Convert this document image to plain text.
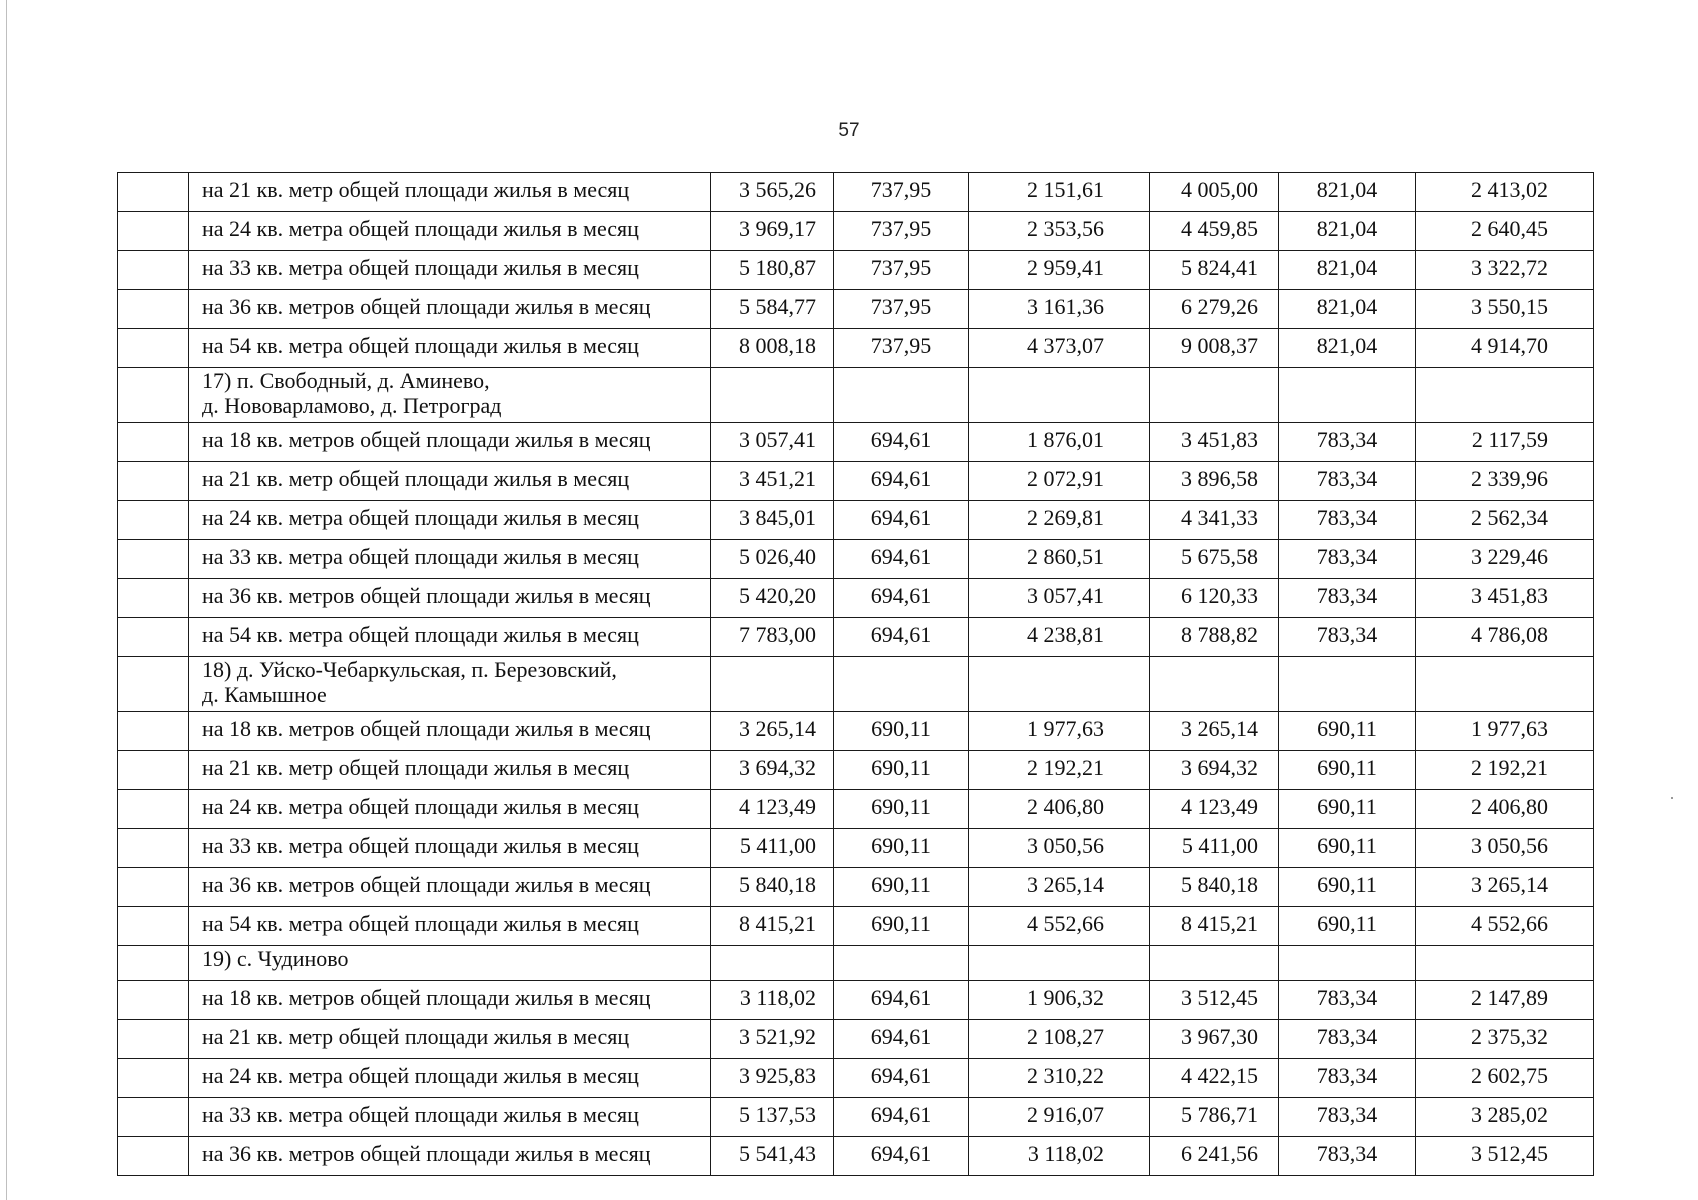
57
	на 21 кв. метр общей площади жилья в месяц	3 565,26	737,95	2 151,61	4 005,00	821,04	2 413,02
	на 24 кв. метра общей площади жилья в месяц	3 969,17	737,95	2 353,56	4 459,85	821,04	2 640,45
	на 33 кв. метра общей площади жилья в месяц	5 180,87	737,95	2 959,41	5 824,41	821,04	3 322,72
	на 36 кв. метров общей площади жилья в месяц	5 584,77	737,95	3 161,36	6 279,26	821,04	3 550,15
	на 54 кв. метра общей площади жилья в месяц	8 008,18	737,95	4 373,07	9 008,37	821,04	4 914,70

	17) п. Свободный, д. Аминево,
д. Нововарламово, д. Петроград						

	на 18 кв. метров общей площади жилья в месяц	3 057,41	694,61	1 876,01	3 451,83	783,34	2 117,59
	на 21 кв. метр общей площади жилья в месяц	3 451,21	694,61	2 072,91	3 896,58	783,34	2 339,96
	на 24 кв. метра общей площади жилья в месяц	3 845,01	694,61	2 269,81	4 341,33	783,34	2 562,34
	на 33 кв. метра общей площади жилья в месяц	5 026,40	694,61	2 860,51	5 675,58	783,34	3 229,46
	на 36 кв. метров общей площади жилья в месяц	5 420,20	694,61	3 057,41	6 120,33	783,34	3 451,83
	на 54 кв. метра общей площади жилья в месяц	7 783,00	694,61	4 238,81	8 788,82	783,34	4 786,08

	18) д. Уйско-Чебаркульская, п. Березовский,
д. Камышное						

	на 18 кв. метров общей площади жилья в месяц	3 265,14	690,11	1 977,63	3 265,14	690,11	1 977,63
	на 21 кв. метр общей площади жилья в месяц	3 694,32	690,11	2 192,21	3 694,32	690,11	2 192,21
	на 24 кв. метра общей площади жилья в месяц	4 123,49	690,11	2 406,80	4 123,49	690,11	2 406,80
	на 33 кв. метра общей площади жилья в месяц	5 411,00	690,11	3 050,56	5 411,00	690,11	3 050,56
	на 36 кв. метров общей площади жилья в месяц	5 840,18	690,11	3 265,14	5 840,18	690,11	3 265,14
	на 54 кв. метра общей площади жилья в месяц	8 415,21	690,11	4 552,66	8 415,21	690,11	4 552,66

	19) с. Чудиново						

	на 18 кв. метров общей площади жилья в месяц	3 118,02	694,61	1 906,32	3 512,45	783,34	2 147,89
	на 21 кв. метр общей площади жилья в месяц	3 521,92	694,61	2 108,27	3 967,30	783,34	2 375,32
	на 24 кв. метра общей площади жилья в месяц	3 925,83	694,61	2 310,22	4 422,15	783,34	2 602,75
	на 33 кв. метра общей площади жилья в месяц	5 137,53	694,61	2 916,07	5 786,71	783,34	3 285,02
	на 36 кв. метров общей площади жилья в месяц	5 541,43	694,61	3 118,02	6 241,56	783,34	3 512,45
